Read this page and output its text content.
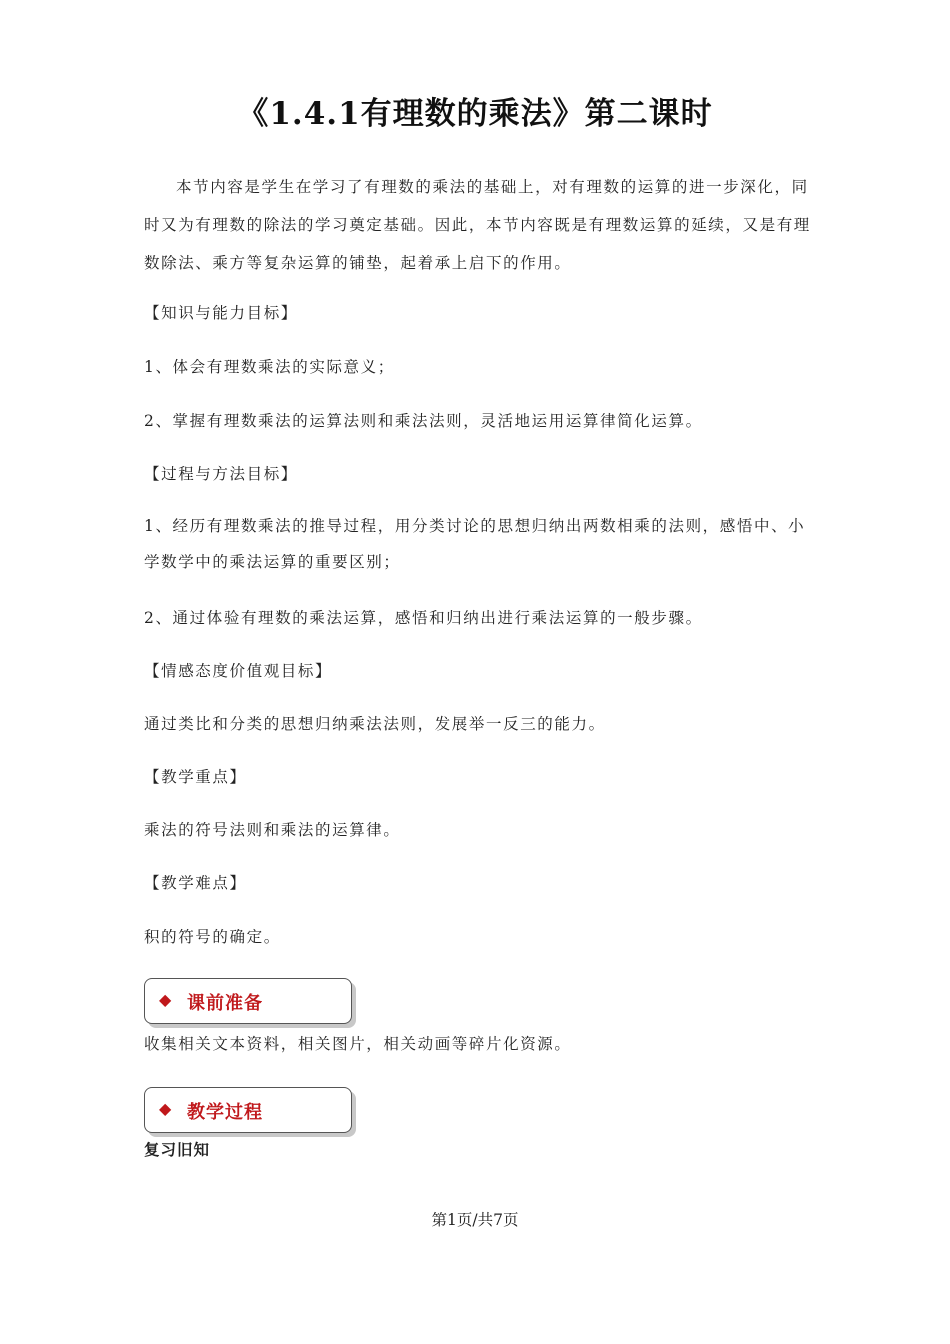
《1.4.1有理数的乘法》第二课时
本节内容是学生在学习了有理数的乘法的基础上，对有理数的运算的进一步深化，同时又为有理数的除法的学习奠定基础。因此，本节内容既是有理数运算的延续，又是有理数除法、乘方等复杂运算的铺垫，起着承上启下的作用。
【知识与能力目标】
1、体会有理数乘法的实际意义；
2、掌握有理数乘法的运算法则和乘法法则，灵活地运用运算律简化运算。
【过程与方法目标】
1、经历有理数乘法的推导过程，用分类讨论的思想归纳出两数相乘的法则，感悟中、小学数学中的乘法运算的重要区别；
2、通过体验有理数的乘法运算，感悟和归纳出进行乘法运算的一般步骤。
【情感态度价值观目标】
通过类比和分类的思想归纳乘法法则，发展举一反三的能力。
【教学重点】
乘法的符号法则和乘法的运算律。
【教学难点】
积的符号的确定。
◆ 课前准备
收集相关文本资料，相关图片，相关动画等碎片化资源。
◆ 教学过程
复习旧知
第1页/共7页
